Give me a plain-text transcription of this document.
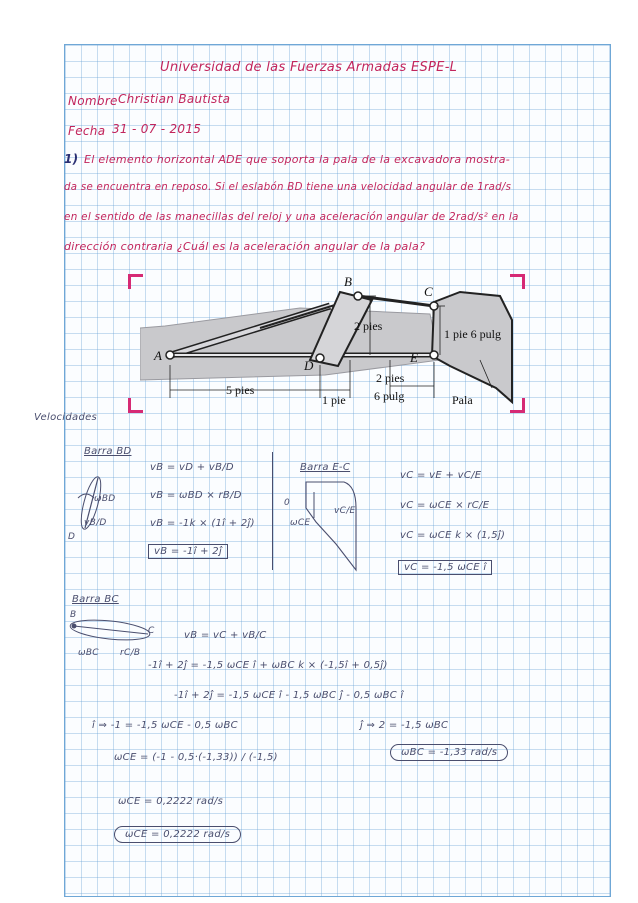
Universidad de las Fuerzas Armadas ESPE-L
Nombre Christian Bautista
Fecha 31 - 07 - 2015
1) El elemento horizontal ADE que soporta la pala de la excavadora mostra-
da se encuentra en reposo. Si el eslabón BD tiene una velocidad angular de 1rad/s
en el sentido de las manecillas del reloj y una aceleración angular de 2rad/s² en la
dirección contraria ¿Cuál es la aceleración angular de la pala?
A
B
C
D
E
2 pies
1 pie 6 pulg
5 pies
1 pie
2 pies
6 pulg	Pala
Velocidades
Barra BD
ωBD
vB/D
D
vB = vD + vB/D
vB = ωBD × rB/D
vB = -1k × (1î + 2ĵ)
vB = -1î + 2ĵ
Barra E-C
0
vC/E
ωCE
vC = vE + vC/E
vC = ωCE × rC/E
vC = ωCE k × (1,5ĵ)
vC = -1,5 ωCE î
Barra BC
B
C
ωBC rC/B
vB = vC + vB/C
-1î + 2ĵ = -1,5 ωCE î + ωBC k × (-1,5î + 0,5ĵ)
-1î + 2ĵ = -1,5 ωCE î - 1,5 ωBC ĵ - 0,5 ωBC î
î ⇒ -1 = -1,5 ωCE - 0,5 ωBC	ĵ ⇒ 2 = -1,5 ωBC
ωCE = (-1 - 0,5·(-1,33)) / (-1,5)	ωBC = -1,33 rad/s
ωCE = 0,2222 rad/s
ωCE = 0,2222 rad/s
